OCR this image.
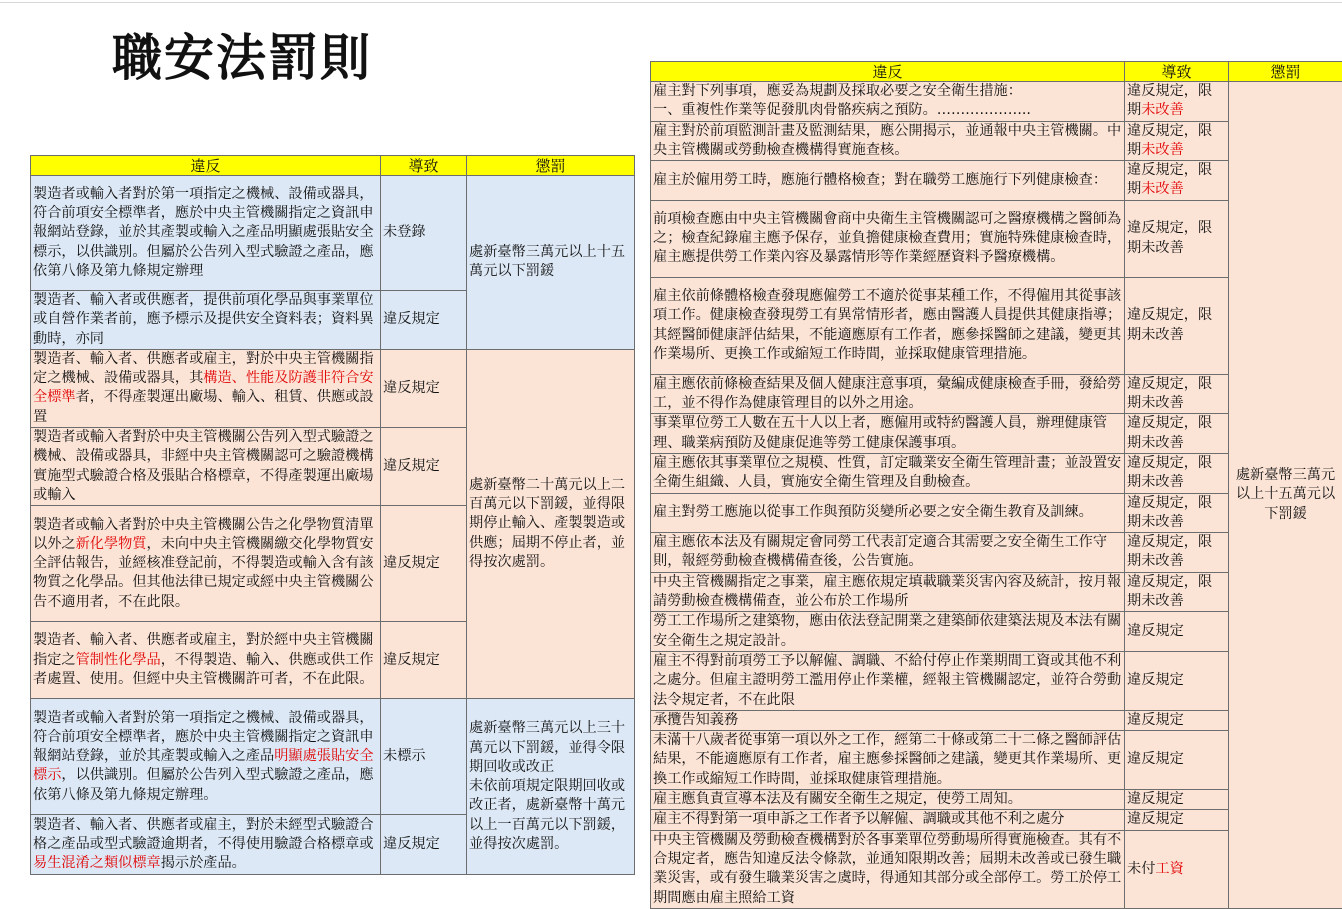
職安法罰則
違反	導致	懲罰
製造者或輸入者對於第一項指定之機械、設備或器具，符合前項安全標準者，應於中央主管機關指定之資訊申報網站登錄，並於其產製或輸入之產品明顯處張貼安全標示，以供識別。但屬於公告列入型式驗證之產品，應依第八條及第九條規定辦理	未登錄	處新臺幣三萬元以上十五萬元以下罰鍰
製造者、輸入者或供應者，提供前項化學品與事業單位或自營作業者前，應予標示及提供安全資料表；資料異動時，亦同	違反規定	
製造者、輸入者、供應者或雇主，對於中央主管機關指定之機械、設備或器具，其構造、性能及防護非符合安全標準者，不得產製運出廠場、輸入、租賃、供應或設置	違反規定	處新臺幣二十萬元以上二百萬元以下罰鍰，並得限期停止輸入、產製製造或供應；屆期不停止者，並得按次處罰。
製造者或輸入者對於中央主管機關公告列入型式驗證之機械、設備或器具，非經中央主管機關認可之驗證機構實施型式驗證合格及張貼合格標章，不得產製運出廠場或輸入	違反規定	
製造者或輸入者對於中央主管機關公告之化學物質清單以外之新化學物質，未向中央主管機關繳交化學物質安全評估報告，並經核准登記前，不得製造或輸入含有該物質之化學品。但其他法律已規定或經中央主管機關公告不適用者，不在此限。	違反規定	
製造者、輸入者、供應者或雇主，對於經中央主管機關指定之管制性化學品，不得製造、輸入、供應或供工作者處置、使用。但經中央主管機關許可者，不在此限。	違反規定	
製造者或輸入者對於第一項指定之機械、設備或器具，符合前項安全標準者，應於中央主管機關指定之資訊申報網站登錄，並於其產製或輸入之產品明顯處張貼安全標示，以供識別。但屬於公告列入型式驗證之產品，應依第八條及第九條規定辦理。	未標示	處新臺幣三萬元以上三十萬元以下罰鍰，並得令限期回收或改正
未依前項規定限期回收或改正者，處新臺幣十萬元以上一百萬元以下罰鍰，並得按次處罰。
製造者、輸入者、供應者或雇主，對於未經型式驗證合格之產品或型式驗證逾期者，不得使用驗證合格標章或易生混淆之類似標章揭示於產品。	違反規定	
違反	導致	懲罰
雇主對下列事項，應妥為規劃及採取必要之安全衛生措施：
一、重複性作業等促發肌肉骨骼疾病之預防。………………..	違反規定，限期未改善	處新臺幣三萬元以上十五萬元以下罰鍰
雇主對於前項監測計畫及監測結果，應公開揭示，並通報中央主管機關。中央主管機關或勞動檢查機構得實施查核。	違反規定，限期未改善	
雇主於僱用勞工時，應施行體格檢查；對在職勞工應施行下列健康檢查：	違反規定，限期未改善	
前項檢查應由中央主管機關會商中央衛生主管機關認可之醫療機構之醫師為之；檢查紀錄雇主應予保存，並負擔健康檢查費用；實施特殊健康檢查時，雇主應提供勞工作業內容及暴露情形等作業經歷資料予醫療機構。	違反規定，限期未改善	
雇主依前條體格檢查發現應僱勞工不適於從事某種工作，不得僱用其從事該項工作。健康檢查發現勞工有異常情形者，應由醫護人員提供其健康指導；其經醫師健康評估結果，不能適應原有工作者，應參採醫師之建議，變更其作業場所、更換工作或縮短工作時間，並採取健康管理措施。	違反規定，限期未改善	
雇主應依前條檢查結果及個人健康注意事項，彙編成健康檢查手冊，發給勞工，並不得作為健康管理目的以外之用途。	違反規定，限期未改善	
事業單位勞工人數在五十人以上者，應僱用或特約醫護人員，辦理健康管理、職業病預防及健康促進等勞工健康保護事項。	違反規定，限期未改善	
雇主應依其事業單位之規模、性質，訂定職業安全衛生管理計畫；並設置安全衛生組織、人員，實施安全衛生管理及自動檢查。	違反規定，限期未改善	
雇主對勞工應施以從事工作與預防災變所必要之安全衛生教育及訓練。	違反規定，限期未改善	
雇主應依本法及有關規定會同勞工代表訂定適合其需要之安全衛生工作守則，報經勞動檢查機構備查後，公告實施。	違反規定，限期未改善	
中央主管機關指定之事業，雇主應依規定填載職業災害內容及統計，按月報請勞動檢查機構備查，並公布於工作場所	違反規定，限期未改善	
勞工工作場所之建築物，應由依法登記開業之建築師依建築法規及本法有關安全衛生之規定設計。	違反規定	
雇主不得對前項勞工予以解僱、調職、不給付停止作業期間工資或其他不利之處分。但雇主證明勞工濫用停止作業權，經報主管機關認定，並符合勞動法令規定者，不在此限	違反規定	
承攬告知義務	違反規定	
未滿十八歲者從事第一項以外之工作，經第二十條或第二十二條之醫師評估結果，不能適應原有工作者，雇主應參採醫師之建議，變更其作業場所、更換工作或縮短工作時間，並採取健康管理措施。	違反規定	
雇主應負責宣導本法及有關安全衛生之規定，使勞工周知。	違反規定	
雇主不得對第一項申訴之工作者予以解僱、調職或其他不利之處分	違反規定	
中央主管機關及勞動檢查機構對於各事業單位勞動場所得實施檢查。其有不合規定者，應告知違反法令條款，並通知限期改善；屆期未改善或已發生職業災害，或有發生職業災害之虞時，得通知其部分或全部停工。勞工於停工期間應由雇主照給工資	未付工資	
